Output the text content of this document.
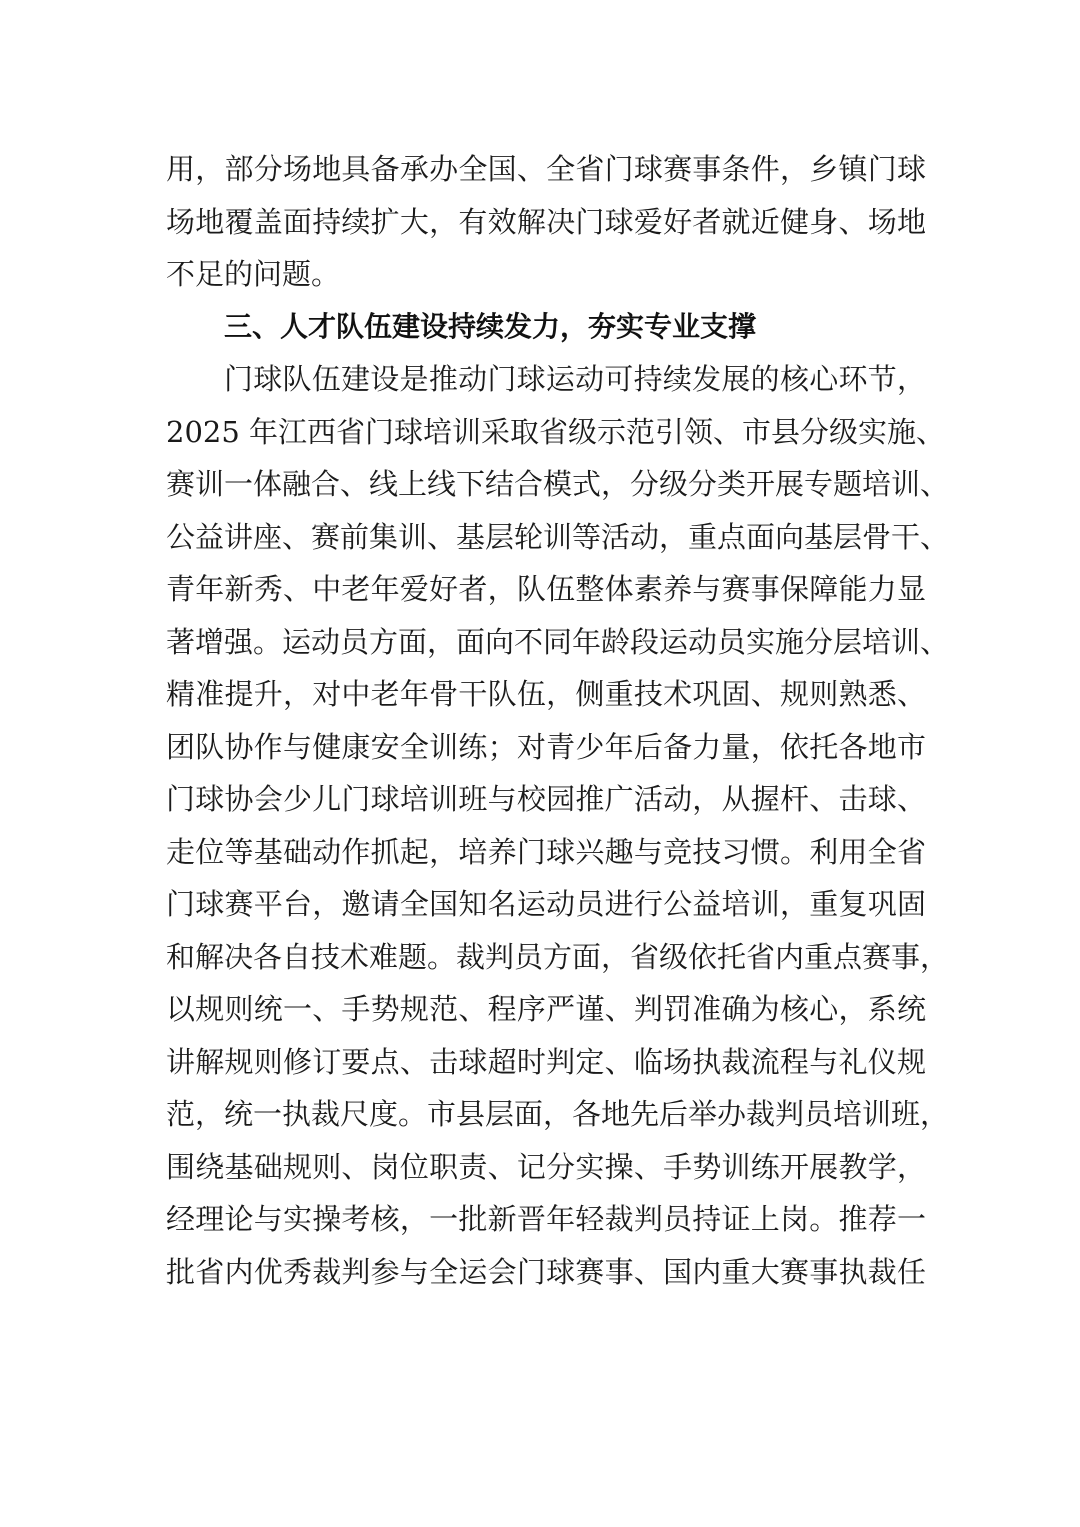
用，部分场地具备承办全国、全省门球赛事条件，乡镇门球
场地覆盖面持续扩大，有效解决门球爱好者就近健身、场地
不足的问题。
三、人才队伍建设持续发力，夯实专业支撑
门球队伍建设是推动门球运动可持续发展的核心环节，
2025 年江西省门球培训采取省级示范引领、市县分级实施、
赛训一体融合、线上线下结合模式，分级分类开展专题培训、
公益讲座、赛前集训、基层轮训等活动，重点面向基层骨干、
青年新秀、中老年爱好者，队伍整体素养与赛事保障能力显
著增强。运动员方面，面向不同年龄段运动员实施分层培训、
精准提升，对中老年骨干队伍，侧重技术巩固、规则熟悉、
团队协作与健康安全训练；对青少年后备力量，依托各地市
门球协会少儿门球培训班与校园推广活动，从握杆、击球、
走位等基础动作抓起，培养门球兴趣与竞技习惯。利用全省
门球赛平台，邀请全国知名运动员进行公益培训，重复巩固
和解决各自技术难题。裁判员方面，省级依托省内重点赛事，
以规则统一、手势规范、程序严谨、判罚准确为核心，系统
讲解规则修订要点、击球超时判定、临场执裁流程与礼仪规
范，统一执裁尺度。市县层面，各地先后举办裁判员培训班，
围绕基础规则、岗位职责、记分实操、手势训练开展教学，
经理论与实操考核，一批新晋年轻裁判员持证上岗。推荐一
批省内优秀裁判参与全运会门球赛事、国内重大赛事执裁任
